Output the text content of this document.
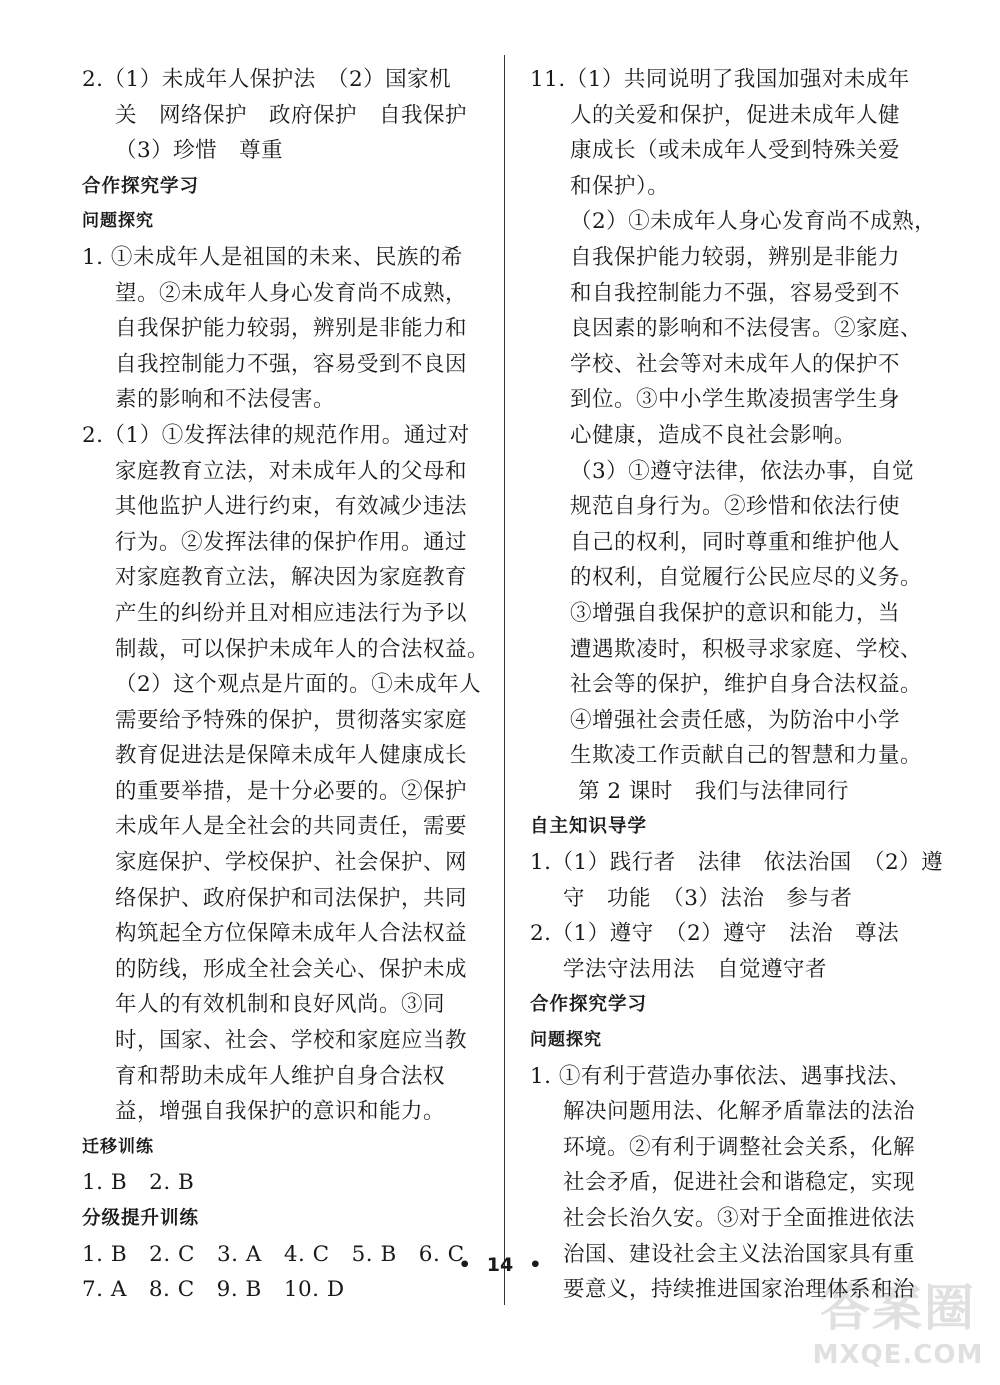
2.（1）未成年人保护法　（2）国家机
关　网络保护　政府保护　自我保护
（3）珍惜　尊重
合作探究学习
问题探究
1. ①未成年人是祖国的未来、民族的希
望。②未成年人身心发育尚不成熟，
自我保护能力较弱，辨别是非能力和
自我控制能力不强，容易受到不良因
素的影响和不法侵害。
2.（1）①发挥法律的规范作用。通过对
家庭教育立法，对未成年人的父母和
其他监护人进行约束，有效减少违法
行为。②发挥法律的保护作用。通过
对家庭教育立法，解决因为家庭教育
产生的纠纷并且对相应违法行为予以
制裁，可以保护未成年人的合法权益。
（2）这个观点是片面的。①未成年人
需要给予特殊的保护，贯彻落实家庭
教育促进法是保障未成年人健康成长
的重要举措，是十分必要的。②保护
未成年人是全社会的共同责任，需要
家庭保护、学校保护、社会保护、网
络保护、政府保护和司法保护，共同
构筑起全方位保障未成年人合法权益
的防线，形成全社会关心、保护未成
年人的有效机制和良好风尚。③同
时，国家、社会、学校和家庭应当教
育和帮助未成年人维护自身合法权
益，增强自我保护的意识和能力。
迁移训练
1. B　2. B
分级提升训练
1. B　2. C　3. A　4. C　5. B　6. C
7. A　8. C　9. B　10. D
11.（1）共同说明了我国加强对未成年
人的关爱和保护，促进未成年人健
康成长（或未成年人受到特殊关爱
和保护）。
（2）①未成年人身心发育尚不成熟，
自我保护能力较弱，辨别是非能力
和自我控制能力不强，容易受到不
良因素的影响和不法侵害。②家庭、
学校、社会等对未成年人的保护不
到位。③中小学生欺凌损害学生身
心健康，造成不良社会影响。
（3）①遵守法律，依法办事，自觉
规范自身行为。②珍惜和依法行使
自己的权利，同时尊重和维护他人
的权利，自觉履行公民应尽的义务。
③增强自我保护的意识和能力，当
遭遇欺凌时，积极寻求家庭、学校、
社会等的保护，维护自身合法权益。
④增强社会责任感，为防治中小学
生欺凌工作贡献自己的智慧和力量。
第 2 课时　我们与法律同行
自主知识导学
1.（1）践行者　法律　依法治国　（2）遵
守　功能　（3）法治　参与者
2.（1）遵守　（2）遵守　法治　尊法
学法守法用法　自觉遵守者
合作探究学习
问题探究
1. ①有利于营造办事依法、遇事找法、
解决问题用法、化解矛盾靠法的法治
环境。②有利于调整社会关系，化解
社会矛盾，促进社会和谐稳定，实现
社会长治久安。③对于全面推进依法
治国、建设社会主义法治国家具有重
要意义，持续推进国家治理体系和治
• 14 •
答案圈
MXQE.COM
